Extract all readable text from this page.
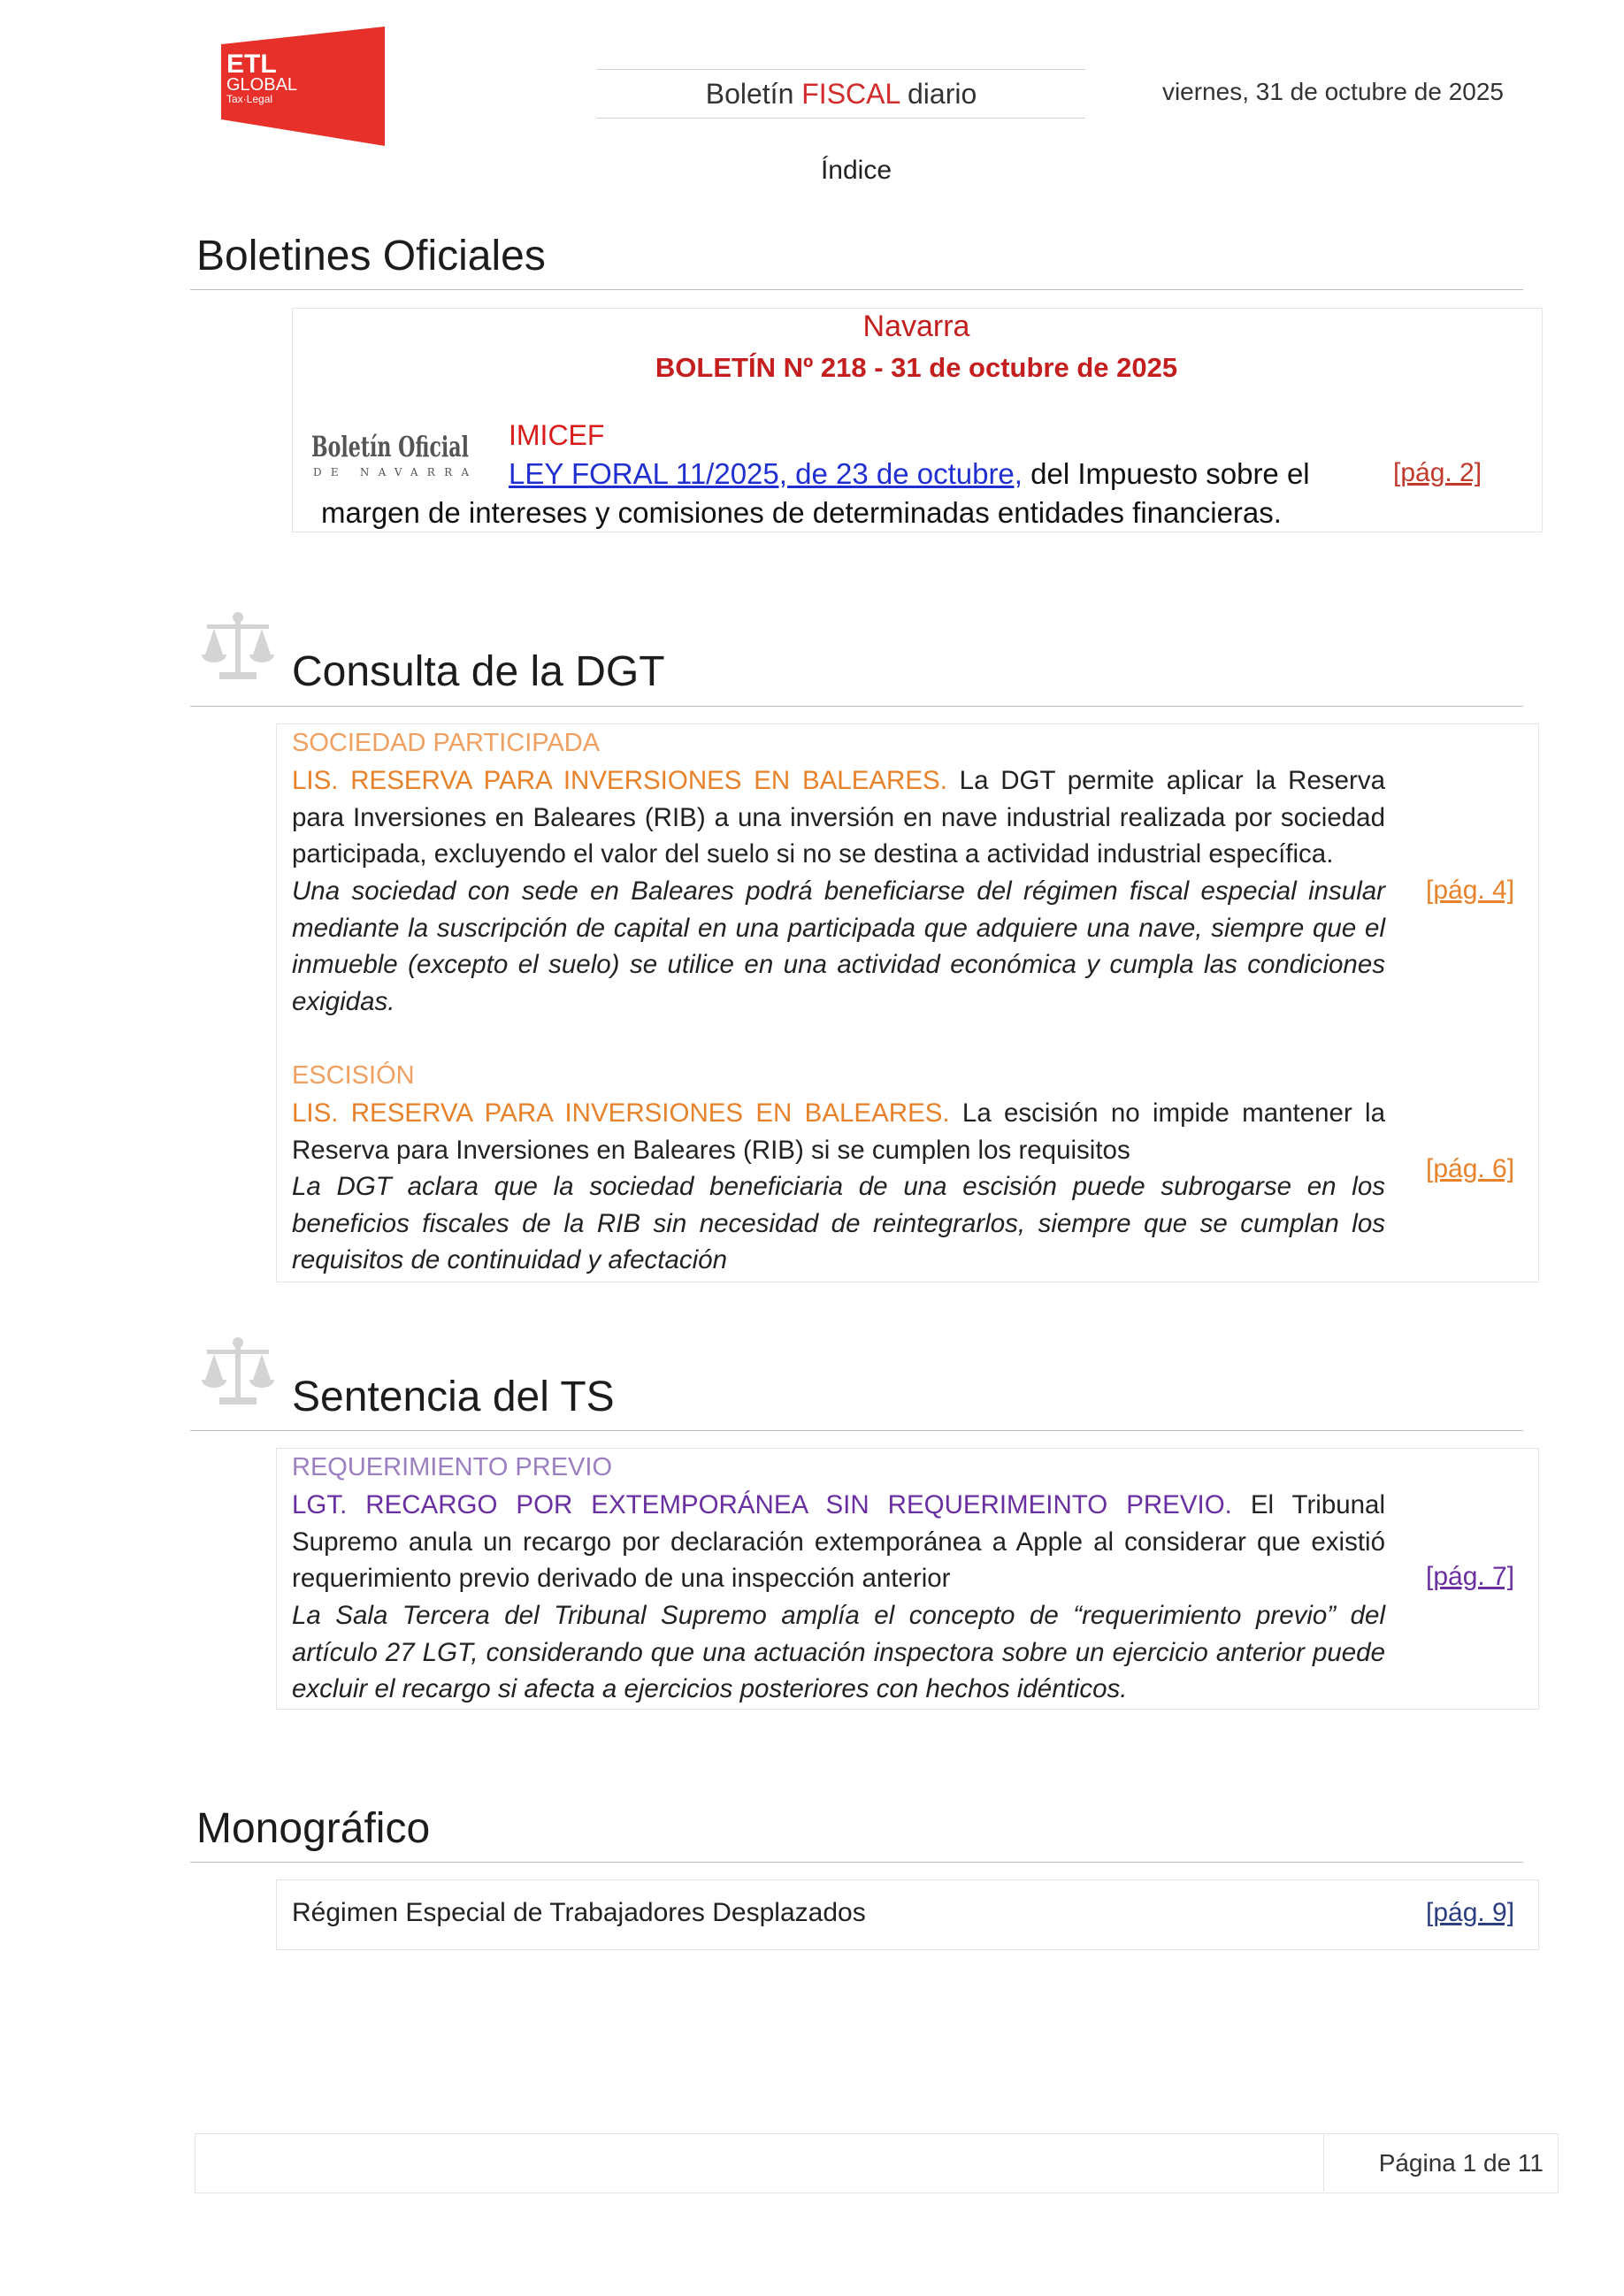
ADD
ETL
GLOBAL
Tax·Legal	Boletín FISCAL diario	viernes, 31 de octubre de 2025
Índice
Boletines Oficiales
Navarra
BOLETÍN Nº 218 - 31 de octubre de 2025
Boletín Oficial
DE NAVARRA
IMICEF
LEY FORAL 11/2025, de 23 de octubre, del Impuesto sobre el
margen de intereses y comisiones de determinadas entidades financieras.
[pág. 2]
Consulta de la DGT
SOCIEDAD PARTICIPADA
LIS. RESERVA PARA INVERSIONES EN BALEARES. La DGT permite aplicar la Reserva para Inversiones en Baleares (RIB) a una inversión en nave industrial realizada por sociedad participada, excluyendo el valor del suelo si no se destina a actividad industrial específica.
Una sociedad con sede en Baleares podrá beneficiarse del régimen fiscal especial insular mediante la suscripción de capital en una participada que adquiere una nave, siempre que el inmueble (excepto el suelo) se utilice en una actividad económica y cumpla las condiciones exigidas.
[pág. 4]
ESCISIÓN
LIS. RESERVA PARA INVERSIONES EN BALEARES. La escisión no impide mantener la Reserva para Inversiones en Baleares (RIB) si se cumplen los requisitos
La DGT aclara que la sociedad beneficiaria de una escisión puede subrogarse en los beneficios fiscales de la RIB sin necesidad de reintegrarlos, siempre que se cumplan los requisitos de continuidad y afectación
[pág. 6]
Sentencia del TS
REQUERIMIENTO PREVIO
LGT. RECARGO POR EXTEMPORÁNEA SIN REQUERIMEINTO PREVIO. El Tribunal Supremo anula un recargo por declaración extemporánea a Apple al considerar que existió requerimiento previo derivado de una inspección anterior
La Sala Tercera del Tribunal Supremo amplía el concepto de “requerimiento previo” del artículo 27 LGT, considerando que una actuación inspectora sobre un ejercicio anterior puede excluir el recargo si afecta a ejercicios posteriores con hechos idénticos.
[pág. 7]
Monográfico
Régimen Especial de Trabajadores Desplazados	[pág. 9]
Página 1 de 11
